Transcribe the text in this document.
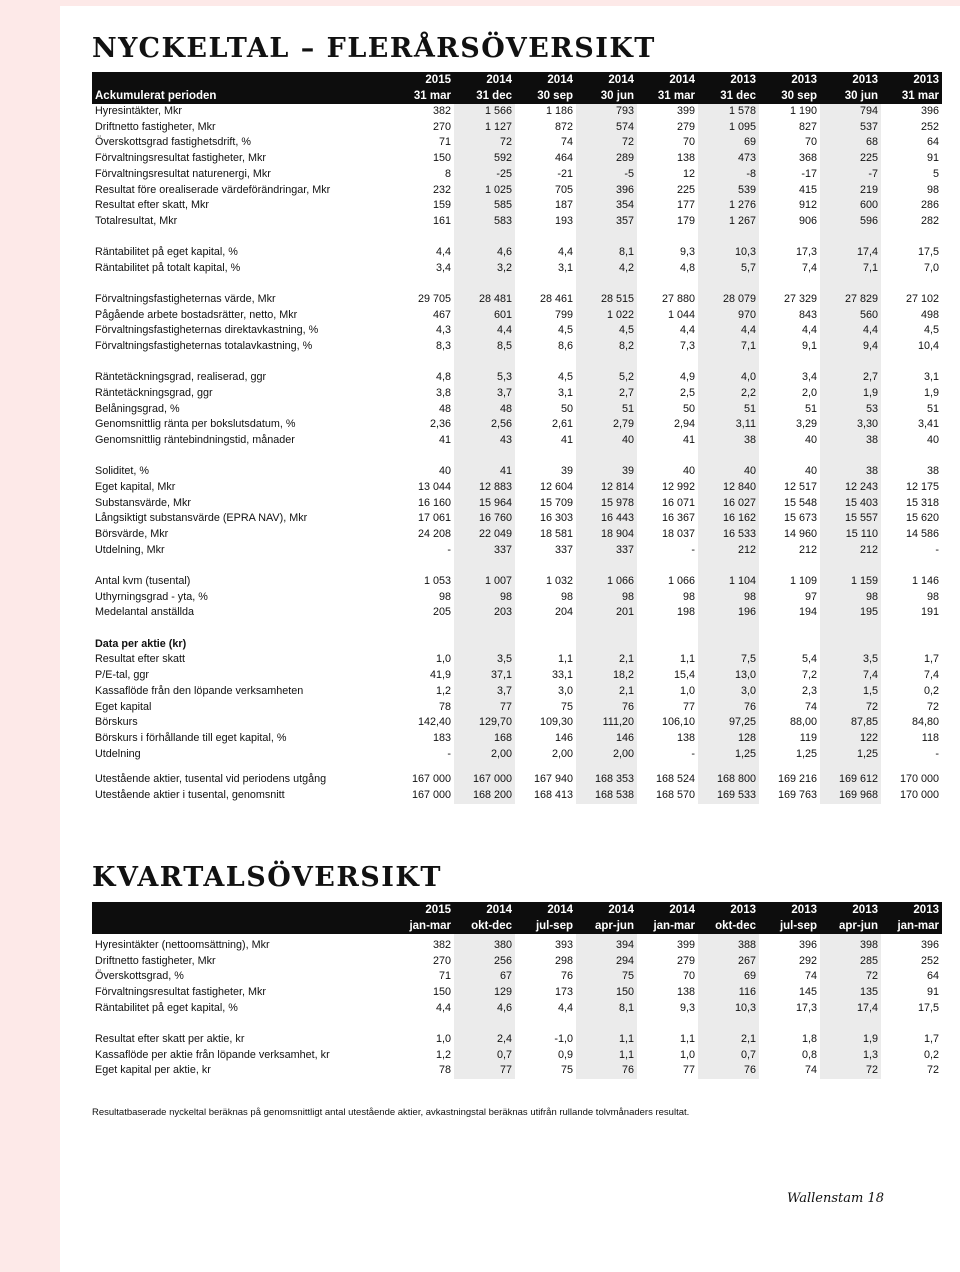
NYCKELTAL – FLERÅRSÖVERSIKT
	2015	2014	2014	2014	2014	2013	2013	2013	2013
Ackumulerat perioden	31 mar	31 dec	30 sep	30 jun	31 mar	31 dec	30 sep	30 jun	31 mar
Hyresintäkter, Mkr	382	1 566	1 186	793	399	1 578	1 190	794	396
Driftnetto fastigheter, Mkr	270	1 127	872	574	279	1 095	827	537	252
Överskottsgrad fastighetsdrift, %	71	72	74	72	70	69	70	68	64
Förvaltningsresultat fastigheter, Mkr	150	592	464	289	138	473	368	225	91
Förvaltningsresultat naturenergi, Mkr	8	-25	-21	-5	12	-8	-17	-7	5
Resultat före orealiserade värdeförändringar, Mkr	232	1 025	705	396	225	539	415	219	98
Resultat efter skatt, Mkr	159	585	187	354	177	1 276	912	600	286
Totalresultat, Mkr	161	583	193	357	179	1 267	906	596	282

Räntabilitet på eget kapital, %	4,4	4,6	4,4	8,1	9,3	10,3	17,3	17,4	17,5
Räntabilitet på totalt kapital, %	3,4	3,2	3,1	4,2	4,8	5,7	7,4	7,1	7,0

Förvaltningsfastigheternas värde, Mkr	29 705	28 481	28 461	28 515	27 880	28 079	27 329	27 829	27 102
Pågående arbete bostadsrätter, netto, Mkr	467	601	799	1 022	1 044	970	843	560	498
Förvaltningsfastigheternas direktavkastning, %	4,3	4,4	4,5	4,5	4,4	4,4	4,4	4,4	4,5
Förvaltningsfastigheternas totalavkastning, %	8,3	8,5	8,6	8,2	7,3	7,1	9,1	9,4	10,4

Räntetäckningsgrad, realiserad, ggr	4,8	5,3	4,5	5,2	4,9	4,0	3,4	2,7	3,1
Räntetäckningsgrad, ggr	3,8	3,7	3,1	2,7	2,5	2,2	2,0	1,9	1,9
Belåningsgrad, %	48	48	50	51	50	51	51	53	51
Genomsnittlig ränta per bokslutsdatum, %	2,36	2,56	2,61	2,79	2,94	3,11	3,29	3,30	3,41
Genomsnittlig räntebindningstid, månader	41	43	41	40	41	38	40	38	40

Soliditet, %	40	41	39	39	40	40	40	38	38
Eget kapital, Mkr	13 044	12 883	12 604	12 814	12 992	12 840	12 517	12 243	12 175
Substansvärde, Mkr	16 160	15 964	15 709	15 978	16 071	16 027	15 548	15 403	15 318
Långsiktigt substansvärde (EPRA NAV), Mkr	17 061	16 760	16 303	16 443	16 367	16 162	15 673	15 557	15 620
Börsvärde, Mkr	24 208	22 049	18 581	18 904	18 037	16 533	14 960	15 110	14 586
Utdelning, Mkr	-	337	337	337	-	212	212	212	-

Antal kvm (tusental)	1 053	1 007	1 032	1 066	1 066	1 104	1 109	1 159	1 146
Uthyrningsgrad - yta, %	98	98	98	98	98	98	97	98	98
Medelantal anställda	205	203	204	201	198	196	194	195	191

Data per aktie (kr)									
Resultat efter skatt	1,0	3,5	1,1	2,1	1,1	7,5	5,4	3,5	1,7
P/E-tal, ggr	41,9	37,1	33,1	18,2	15,4	13,0	7,2	7,4	7,4
Kassaflöde från den löpande verksamheten	1,2	3,7	3,0	2,1	1,0	3,0	2,3	1,5	0,2
Eget kapital	78	77	75	76	77	76	74	72	72
Börskurs	142,40	129,70	109,30	111,20	106,10	97,25	88,00	87,85	84,80
Börskurs i förhållande till eget kapital, %	183	168	146	146	138	128	119	122	118
Utdelning	-	2,00	2,00	2,00	-	1,25	1,25	1,25	-

Utestående aktier, tusental vid periodens utgång	167 000	167 000	167 940	168 353	168 524	168 800	169 216	169 612	170 000
Utestående aktier i tusental, genomsnitt	167 000	168 200	168 413	168 538	168 570	169 533	169 763	169 968	170 000
KVARTALSÖVERSIKT
	2015	2014	2014	2014	2014	2013	2013	2013	2013
	jan-mar	okt-dec	jul-sep	apr-jun	jan-mar	okt-dec	jul-sep	apr-jun	jan-mar

Hyresintäkter (nettoomsättning), Mkr	382	380	393	394	399	388	396	398	396
Driftnetto fastigheter, Mkr	270	256	298	294	279	267	292	285	252
Överskottsgrad, %	71	67	76	75	70	69	74	72	64
Förvaltningsresultat fastigheter, Mkr	150	129	173	150	138	116	145	135	91
Räntabilitet på eget kapital, %	4,4	4,6	4,4	8,1	9,3	10,3	17,3	17,4	17,5

Resultat efter skatt per aktie, kr	1,0	2,4	-1,0	1,1	1,1	2,1	1,8	1,9	1,7
Kassaflöde per aktie från löpande verksamhet, kr	1,2	0,7	0,9	1,1	1,0	0,7	0,8	1,3	0,2
Eget kapital per aktie, kr	78	77	75	76	77	76	74	72	72
Resultatbaserade nyckeltal beräknas på genomsnittligt antal utestående aktier, avkastningstal beräknas utifrån rullande tolvmånaders resultat.
Wallenstam 18
